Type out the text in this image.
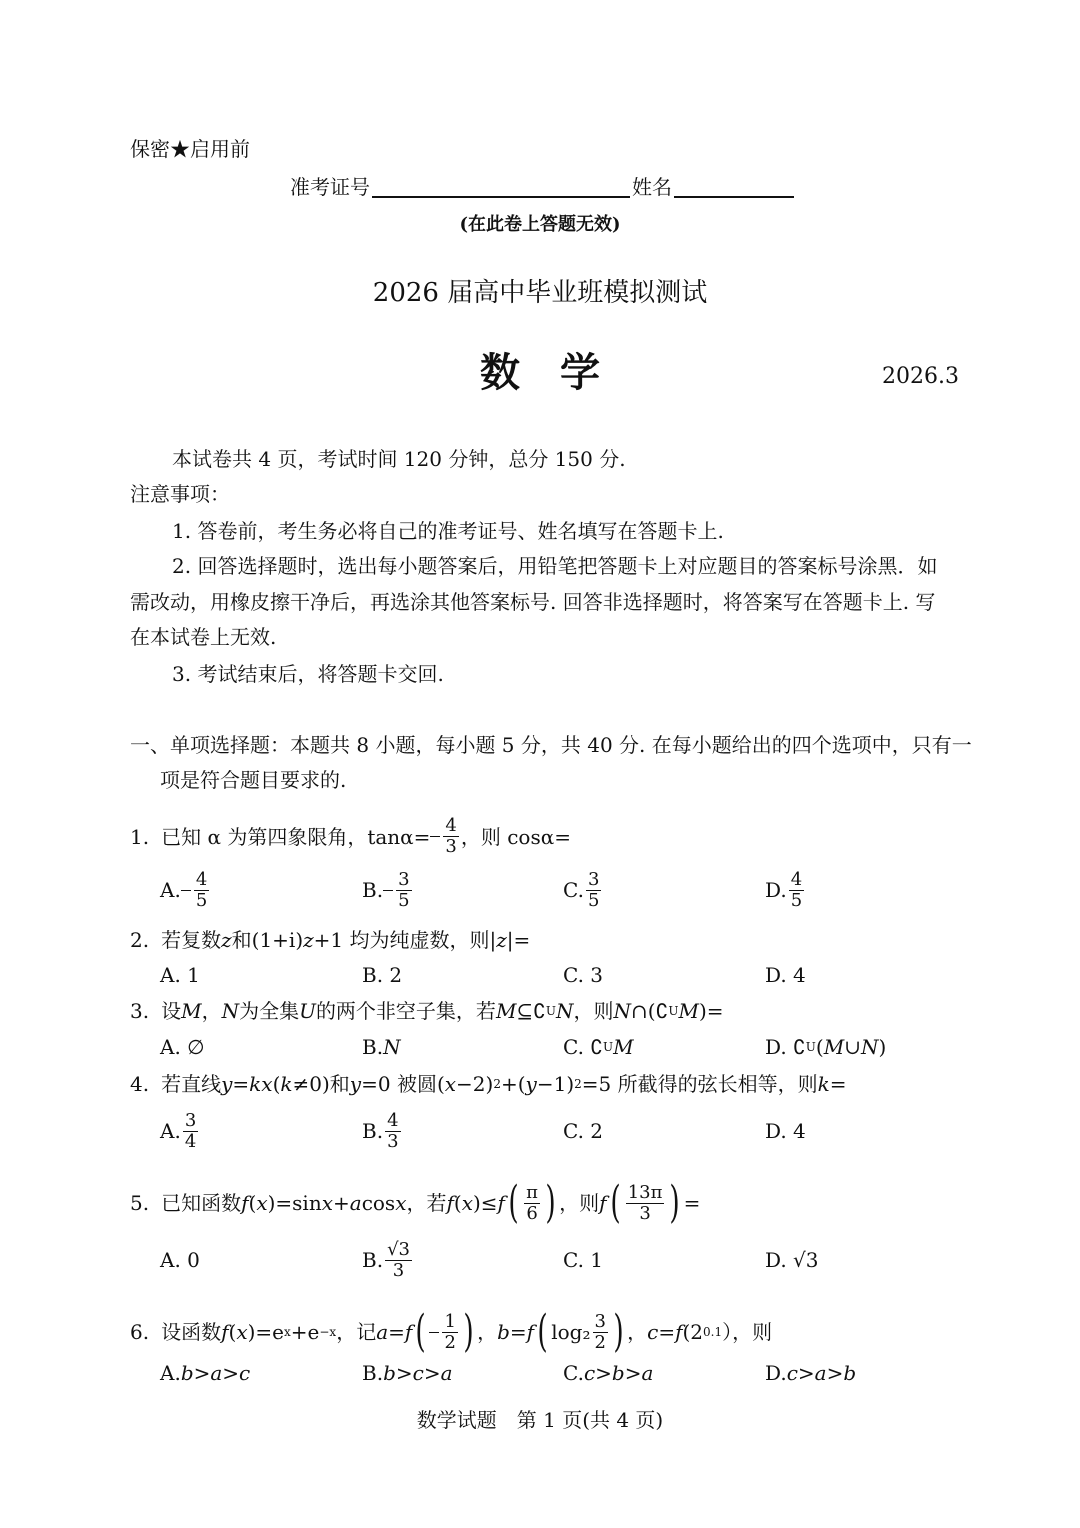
保密★启用前
准考证号	姓名
(在此卷上答题无效)
2026 届高中毕业班模拟测试
数　学	2026.3
本试卷共 4 页，考试时间 120 分钟，总分 150 分.
注意事项：
1. 答卷前，考生务必将自己的准考证号、姓名填写在答题卡上.
2. 回答选择题时，选出每小题答案后，用铅笔把答题卡上对应题目的答案标号涂黑．如
需改动，用橡皮擦干净后，再选涂其他答案标号. 回答非选择题时，将答案写在答题卡上. 写
在本试卷上无效.
3. 考试结束后，将答题卡交回.
一、单项选择题：本题共 8 小题，每小题 5 分，共 40 分. 在每小题给出的四个选项中，只有一
项是符合题目要求的.
1. 已知 α 为第四象限角，$\tan\alpha= \frac{4}{3}$ ，则 cosα=
A. $\frac{4}{5}$	B. $\frac{3}{5}$	C. $\frac{3}{5}$	D. $\frac{4}{5}$
2. 若复数 z 和(1+i) z +1 均为纯虚数，则| z |=
A. 1	B. 2	C. 3	D. 4
3. 设 M ， N 为全集 U 的两个非空子集，若 M ⊆∁ U N ，则 N ∩(∁ U M )=
A. ∅	B. N	C. ∁ U M	D. ∁ U ( M ∪ N )
4. 若直线 y=kx ( k ≠0)和 y =0 被圆( x −2) 2 +( y −1) 2 =5 所截得的弦长相等，则 k =
A. $\frac{3}{4}$	B. $\frac{4}{3}$	C. 2	D. 4
5. 已知函数 f ( x )=sin x + a cos x ，若 f ( x )≤ f ( $\frac{\pi}{6}$ ) ，则 f ( $\frac{13\pi}{3}$ ) =
A. 0	B. $\frac{√3}{3}$	C. 1	D. √3
6. 设函数 f ( x )=e x +e −x ，记 a=f ( $\frac{1}{2}$ ) ， b=f ( $\log_2 \frac{3}{2}$ ) ， c=f (2 0.1 ），则
A. b>a>c	B. b>c>a	C. c>b>a	D. c>a>b
数学试题　第 1 页(共 4 页)
